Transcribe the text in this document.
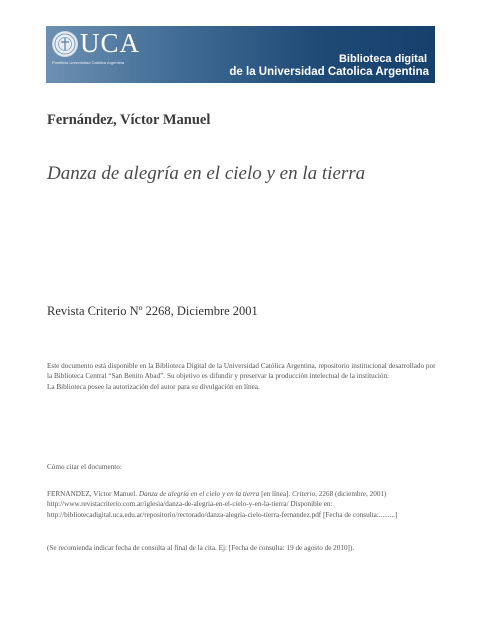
UCA
Pontificia Universidad Católica Argentina	Biblioteca digital
de la Universidad Catolica Argentina
Fernández, Víctor Manuel
Danza de alegría en el cielo y en la tierra
Revista Criterio Nº 2268, Diciembre 2001

Este documento está disponible en la Biblioteca Digital de la Universidad Católica Argentina, repositorio institucional desarrollado por la Biblioteca Central “San Benito Abad”. Su objetivo es difundir y preservar la producción intelectual de la institución.

La Biblioteca posee la autorización del autor para su divulgación en línea.

Cómo citar el documento:
FERNANDEZ, Víctor Manuel. Danza de alegría en el cielo y en la tierra [en línea]. Criterio, 2268 (diciembre, 2001) http://www.revistacriterio.com.ar/iglesia/danza-de-alegria-en-el-cielo-y-en-la-tierra/ Disponible en: http://bibliotecadigital.uca.edu.ar/repositorio/rectorado/danza-alegria-cielo-tierra-fernandez.pdf [Fecha de consulta:.........]
(Se recomienda indicar fecha de consulta al final de la cita. Ej: [Fecha de consulta: 19 de agosto de 2010]).
